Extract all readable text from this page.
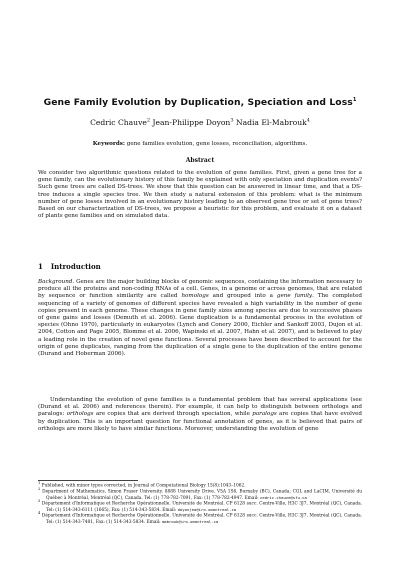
Gene Family Evolution by Duplication, Speciation and Loss$^1$
Cedric Chauve$^2$ Jean-Philippe Doyon$^3$ Nadia El-Mabrouk$^4$
Keywords: gene families evolution, gene losses, reconciliation, algorithms.
Abstract
We consider two algorithmic questions related to the evolution of gene families. First, given a gene tree for a gene family, can the evolutionary history of this family be explained with only speciation and duplication events? Such gene trees are called DS-trees. We show that this question can be answered in linear time, and that a DS-tree induces a single species tree. We then study a natural extension of this problem: what is the minimum number of gene losses involved in an evolutionary history leading to an observed gene tree or set of gene trees? Based on our characterization of DS-trees, we propose a heuristic for this problem, and evaluate it on a dataset of plants gene families and on simulated data.
1 Introduction

Background. Genes are the major building blocks of genomic sequences, containing the information necessary to produce all the proteins and non-coding RNAs of a cell. Genes, in a genome or across genomes, that are related by sequence or function similarity are called homologs and grouped into a gene family. The completed sequencing of a variety of genomes of different species have revealed a high variability in the number of gene copies present in each genome. These changes in gene family sizes among species are due to successive phases of gene gains and losses (Demuth et al. 2006). Gene duplication is a fundamental process in the evolution of species (Ohno 1970), particularly in eukaryotes (Lynch and Conery 2000, Eichler and Sankoff 2003, Dujon et al. 2004, Cotton and Page 2005, Blomme et al. 2006, Wapinski et al. 2007, Hahn et al. 2007), and is believed to play a leading role in the creation of novel gene functions. Several processes have been described to account for the origin of gene duplicates, ranging from the duplication of a single gene to the duplication of the entire genome (Durand and Hoberman 2006).

Understanding the evolution of gene families is a fundamental problem that has several applications (see (Durand et al. 2006) and references therein). For example, it can help to distinguish between orthologs and paralogs: orthologs are copies that are derived through speciation, while paralogs are copies that have evolved by duplication. This is an important question for functional annotation of genes, as it is believed that pairs of orthologs are more likely to have similar functions. Moreover, understanding the evolution of gene

$^1$ Published, with minor typos corrected, in Journal of Computational Biology 15(8):1043–1062.

$^2$ Department of Mathematics, Simon Fraser University. 8888 University Drive, V5A 1S6, Burnaby (BC), Canada; CGL and LaCIM, Université du Québec à Montréal, Montréal (QC), Canada. Tel: (1) 778-782-7091, Fax: (1) 778-782-4947. Email: cedric.chauve@sfu.ca

$^3$ Département d'Informatique et Recherche Opérationnelle. Université de Montréal. CP 6128 succ. Centre-Ville, H3C 3J7, Montréal (QC), Canada. Tel: (1) 514-343-6111 (1665), Fax: (1) 514-343-5834. Email: doyonjea@iro.umontreal.ca

$^4$ Département d'Informatique et Recherche Opérationnelle. Université de Montréal. CP 6128 succ. Centre-Ville, H3C 3J7, Montréal (QC), Canada. Tel: (1) 514-343-7481, Fax: (1) 514-343-5834. Email: mabrouk@iro.umontreal.ca
